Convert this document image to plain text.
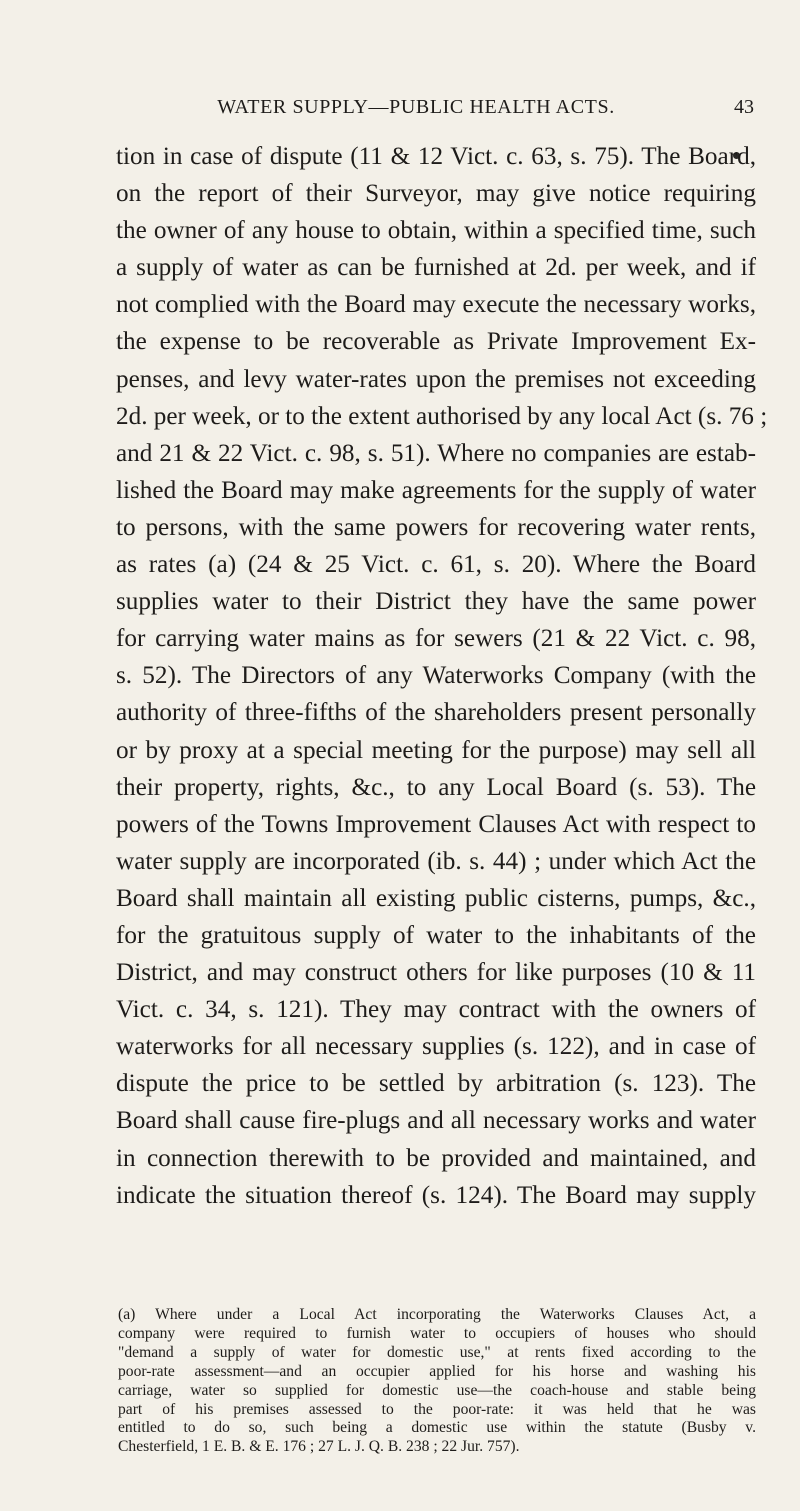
WATER SUPPLY—PUBLIC HEALTH ACTS.	43
tion in case of dispute (11 & 12 Vict. c. 63, s. 75). The Board,
on the report of their Surveyor, may give notice requiring
the owner of any house to obtain, within a specified time, such
a supply of water as can be furnished at 2d. per week, and if
not complied with the Board may execute the necessary works,
the expense to be recoverable as Private Improvement Ex-
penses, and levy water-rates upon the premises not exceeding
2d. per week, or to the extent authorised by any local Act (s. 76 ;
and 21 & 22 Vict. c. 98, s. 51). Where no companies are estab-
lished the Board may make agreements for the supply of water
to persons, with the same powers for recovering water rents,
as rates (a) (24 & 25 Vict. c. 61, s. 20). Where the Board
supplies water to their District they have the same power
for carrying water mains as for sewers (21 & 22 Vict. c. 98,
s. 52). The Directors of any Waterworks Company (with the
authority of three-fifths of the shareholders present personally
or by proxy at a special meeting for the purpose) may sell all
their property, rights, &c., to any Local Board (s. 53). The
powers of the Towns Improvement Clauses Act with respect to
water supply are incorporated (ib. s. 44) ; under which Act the
Board shall maintain all existing public cisterns, pumps, &c.,
for the gratuitous supply of water to the inhabitants of the
District, and may construct others for like purposes (10 & 11
Vict. c. 34, s. 121). They may contract with the owners of
waterworks for all necessary supplies (s. 122), and in case of
dispute the price to be settled by arbitration (s. 123). The
Board shall cause fire-plugs and all necessary works and water
in connection therewith to be provided and maintained, and
indicate the situation thereof (s. 124). The Board may supply
(a) Where under a Local Act incorporating the Waterworks Clauses Act, a
company were required to furnish water to occupiers of houses who should
"demand a supply of water for domestic use," at rents fixed according to the
poor-rate assessment—and an occupier applied for his horse and washing his
carriage, water so supplied for domestic use—the coach-house and stable being
part of his premises assessed to the poor-rate: it was held that he was
entitled to do so, such being a domestic use within the statute (Busby v.
Chesterfield, 1 E. B. & E. 176 ; 27 L. J. Q. B. 238 ; 22 Jur. 757).
